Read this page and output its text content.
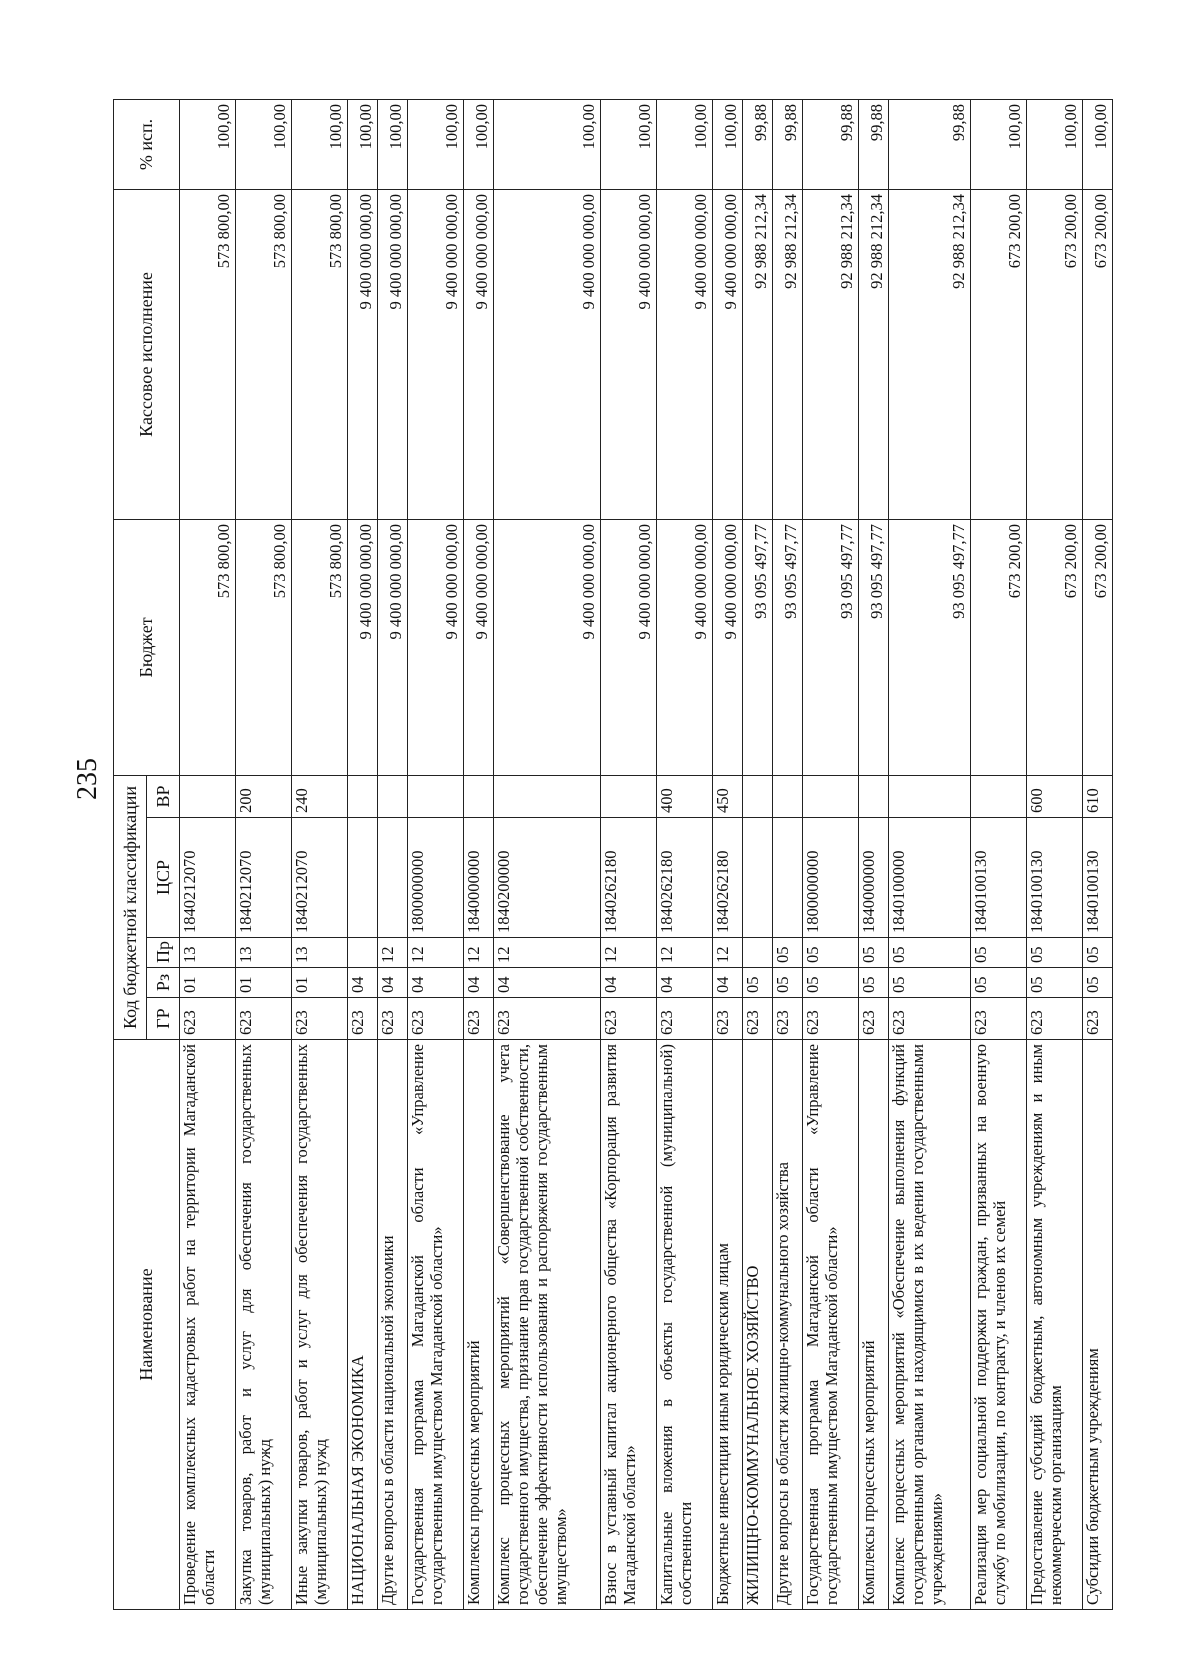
235
Наименование	Код бюджетной классификации					Бюджет	Кассовое исполнение	% исп.
	ГР	Рз	Пр	ЦСР	ВР			
Проведение комплексных кадастровых работ на территории Магаданской области	623	01	13	1840212070		573 800,00	573 800,00	100,00
Закупка товаров, работ и услуг для обеспечения государственных (муниципальных) нужд	623	01	13	1840212070	200	573 800,00	573 800,00	100,00
Иные закупки товаров, работ и услуг для обеспечения государственных (муниципальных) нужд	623	01	13	1840212070	240	573 800,00	573 800,00	100,00
НАЦИОНАЛЬНАЯ ЭКОНОМИКА	623	04				9 400 000 000,00	9 400 000 000,00	100,00
Другие вопросы в области национальной экономики	623	04	12			9 400 000 000,00	9 400 000 000,00	100,00
Государственная программа Магаданской области «Управление государственным имуществом Магаданской области»	623	04	12	1800000000		9 400 000 000,00	9 400 000 000,00	100,00
Комплексы процессных мероприятий	623	04	12	1840000000		9 400 000 000,00	9 400 000 000,00	100,00
Комплекс процессных мероприятий «Совершенствование учета государственного имущества, признание прав государственной собственности, обеспечение эффективности использования и распоряжения государственным имуществом»	623	04	12	1840200000		9 400 000 000,00	9 400 000 000,00	100,00
Взнос в уставный капитал акционерного общества «Корпорация развития Магаданской области»	623	04	12	1840262180		9 400 000 000,00	9 400 000 000,00	100,00
Капитальные вложения в объекты государственной (муниципальной) собственности	623	04	12	1840262180	400	9 400 000 000,00	9 400 000 000,00	100,00
Бюджетные инвестиции иным юридическим лицам	623	04	12	1840262180	450	9 400 000 000,00	9 400 000 000,00	100,00
ЖИЛИЩНО-КОММУНАЛЬНОЕ ХОЗЯЙСТВО	623	05				93 095 497,77	92 988 212,34	99,88
Другие вопросы в области жилищно-коммунального хозяйства	623	05	05			93 095 497,77	92 988 212,34	99,88
Государственная программа Магаданской области «Управление государственным имуществом Магаданской области»	623	05	05	1800000000		93 095 497,77	92 988 212,34	99,88
Комплексы процессных мероприятий	623	05	05	1840000000		93 095 497,77	92 988 212,34	99,88
Комплекс процессных мероприятий «Обеспечение выполнения функций государственными органами и находящимися в их ведении государственными учреждениями»	623	05	05	1840100000		93 095 497,77	92 988 212,34	99,88
Реализация мер социальной поддержки граждан, призванных на военную службу по мобилизации, по контракту, и членов их семей	623	05	05	1840100130		673 200,00	673 200,00	100,00
Предоставление субсидий бюджетным, автономным учреждениям и иным некоммерческим организациям	623	05	05	1840100130	600	673 200,00	673 200,00	100,00
Субсидии бюджетным учреждениям	623	05	05	1840100130	610	673 200,00	673 200,00	100,00
